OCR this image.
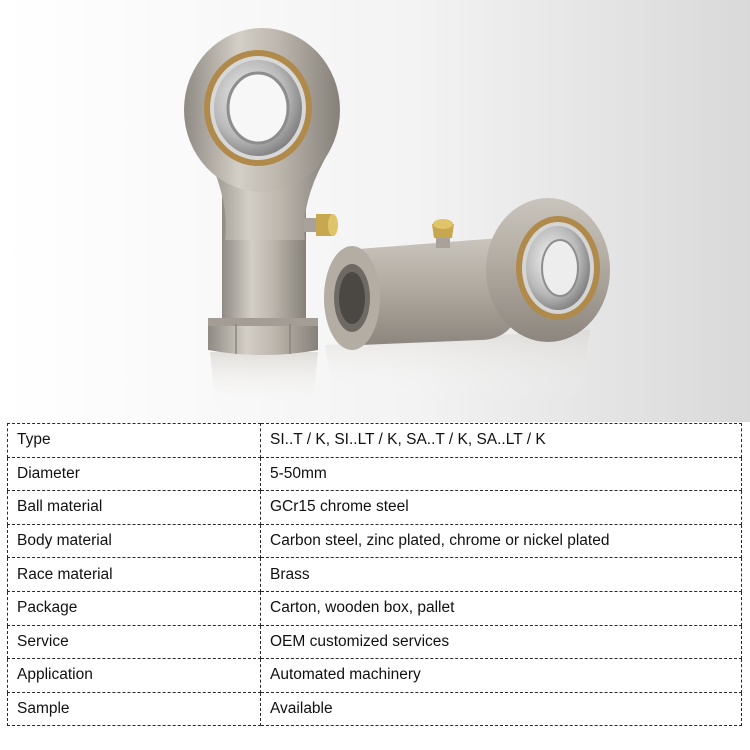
Type	SI..T / K, SI..LT / K, SA..T / K, SA..LT / K
Diameter	5-50mm
Ball material	GCr15 chrome steel
Body material	Carbon steel, zinc plated, chrome or nickel plated
Race material	Brass
Package	Carton, wooden box, pallet
Service	OEM customized services
Application	Automated machinery
Sample	Available
